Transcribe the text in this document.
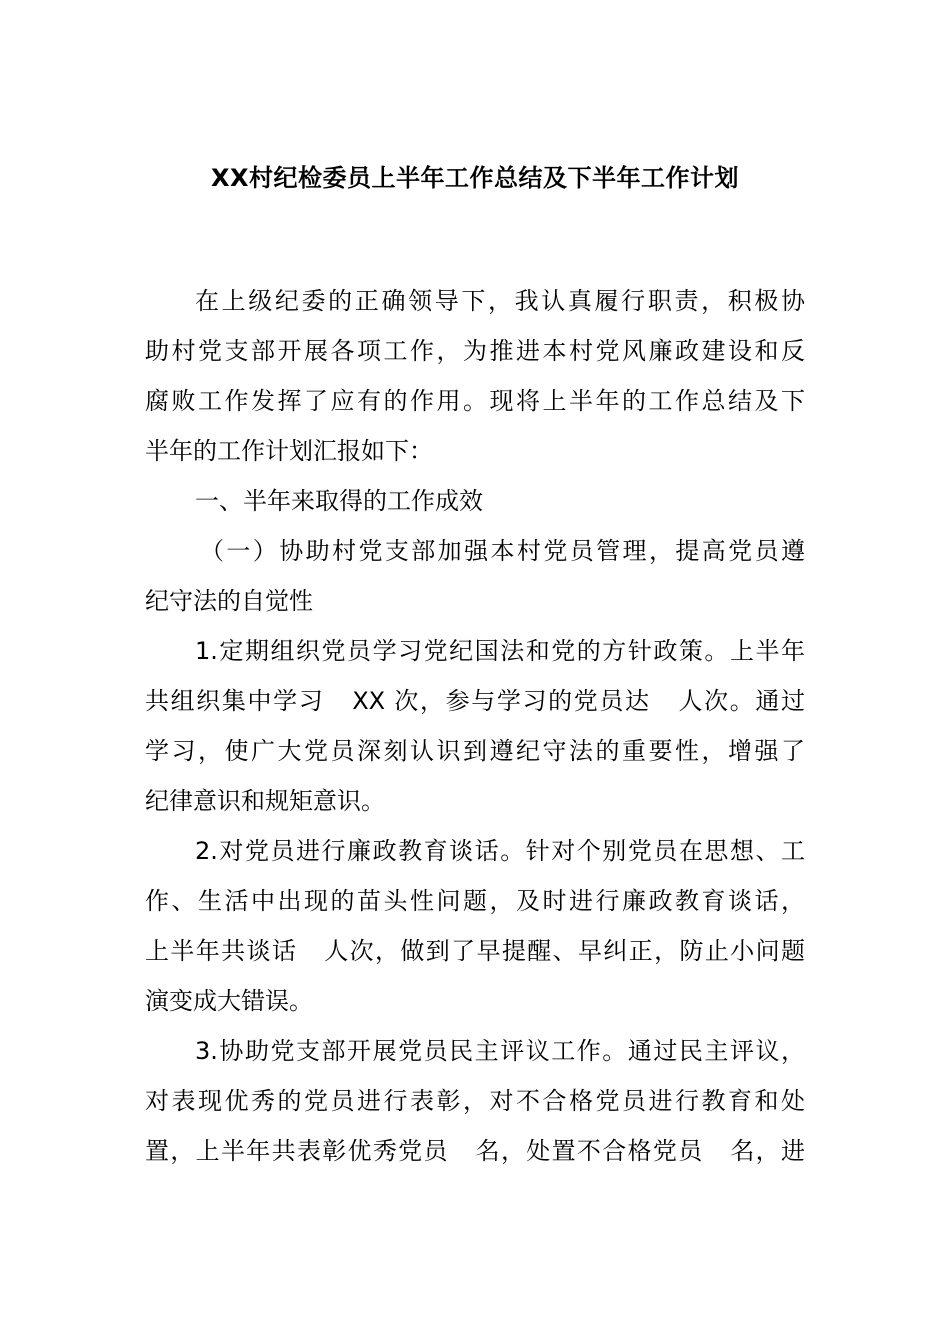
XX村纪检委员上半年工作总结及下半年工作计划
在上级纪委的正确领导下，我认真履行职责，积极协
助村党支部开展各项工作，为推进本村党风廉政建设和反
腐败工作发挥了应有的作用。现将上半年的工作总结及下
半年的工作计划汇报如下：
一、半年来取得的工作成效
（一）协助村党支部加强本村党员管理，提高党员遵
纪守法的自觉性
1.定期组织党员学习党纪国法和党的方针政策。上半年
共组织集中学习   XX 次，参与学习的党员达   人次。通过
学习，使广大党员深刻认识到遵纪守法的重要性，增强了
纪律意识和规矩意识。
2.对党员进行廉政教育谈话。针对个别党员在思想、工
作、生活中出现的苗头性问题，及时进行廉政教育谈话，
上半年共谈话   人次，做到了早提醒、早纠正，防止小问题
演变成大错误。
3.协助党支部开展党员民主评议工作。通过民主评议，
对表现优秀的党员进行表彰，对不合格党员进行教育和处
置，上半年共表彰优秀党员   名，处置不合格党员   名，进
